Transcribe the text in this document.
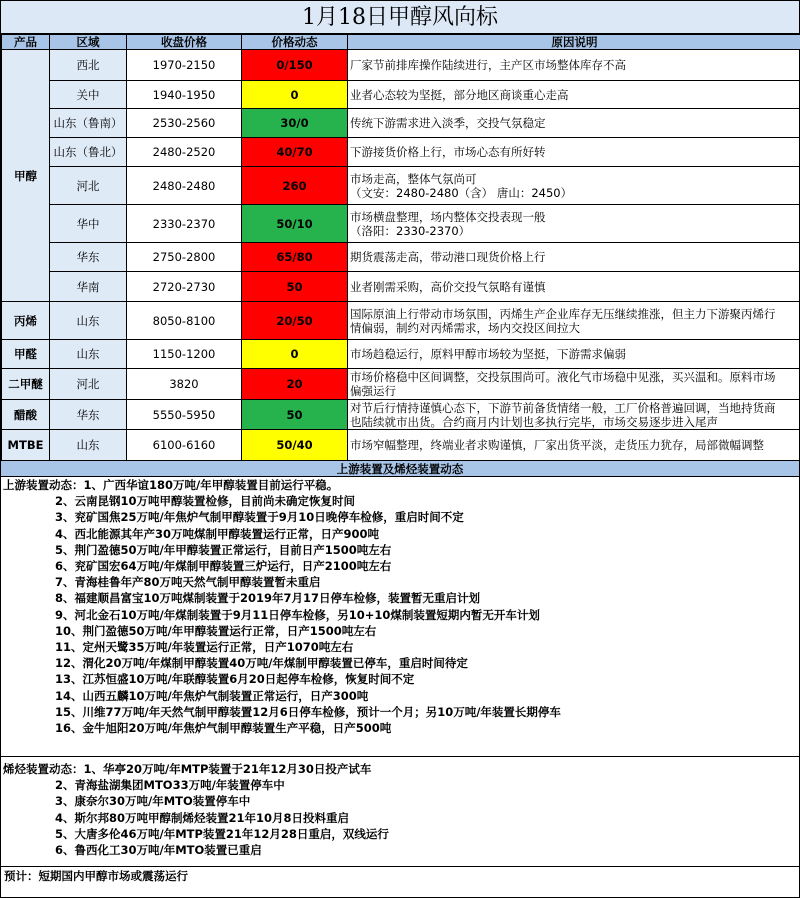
1月18日甲醇风向标
产品	区域	收盘价格	价格动态	原因说明
甲醇	西北	1970-2150	0/150	厂家节前排库操作陆续进行，主产区市场整体库存不高

	关中	1940-1950	0	业者心态较为坚挺，部分地区商谈重心走高

	山东（鲁南）	2530-2560	30/0	传统下游需求进入淡季，交投气氛稳定

	山东（鲁北）	2480-2520	40/70	下游接货价格上行，市场心态有所好转

	河北	2480-2480	260	市场走高，整体气氛尚可
（文安：2480-2480（含） 唐山：2450）

	华中	2330-2370	50/10	市场横盘整理，场内整体交投表现一般
（洛阳：2330-2370）

	华东	2750-2800	65/80	期货震荡走高，带动港口现货价格上行

	华南	2720-2730	50	业者刚需采购，高价交投气氛略有谨慎

丙烯	山东	8050-8100	20/50	国际原油上行带动市场氛围，丙烯生产企业库存无压继续推涨，但主力下游聚丙烯行
情偏弱，制约对丙烯需求，场内交投区间拉大

甲醛	山东	1150-1200	0	市场趋稳运行，原料甲醇市场较为坚挺，下游需求偏弱

二甲醚	河北	3820	20	市场价格稳中区间调整，交投氛围尚可。液化气市场稳中见涨，买兴温和。原料市场
偏强运行

醋酸	华东	5550-5950	50	对节后行情持谨慎心态下，下游节前备货情绪一般，工厂价格普遍回调，当地持货商
也陆续就市出货。合约商月内计划也多执行完毕，市场交易逐步进入尾声

MTBE	山东	6100-6160	50/40	市场窄幅整理，终端业者求购谨慎，厂家出货平淡，走货压力犹存，局部微幅调整
上游装置及烯烃装置动态
上游装置动态：1、广西华谊180万吨/年甲醇装置目前运行平稳。
2、云南昆钢10万吨甲醇装置检修，目前尚未确定恢复时间
3、兖矿国焦25万吨/年焦炉气制甲醇装置于9月10日晚停车检修，重启时间不定
4、西北能源其年产30万吨煤制甲醇装置运行正常，日产900吨
5、荆门盈德50万吨/年甲醇装置正常运行，目前日产1500吨左右
6、兖矿国宏64万吨/年煤制甲醇装置三炉运行，日产2100吨左右
7、青海桂鲁年产80万吨天然气制甲醇装置暂未重启
8、福建顺昌富宝10万吨煤制装置于2019年7月17日停车检修，装置暂无重启计划
9、河北金石10万吨/年煤制装置于9月11日停车检修，另10+10煤制装置短期内暂无开车计划
10、荆门盈德50万吨/年甲醇装置运行正常，日产1500吨左右
11、定州天鹭35万吨/年装置运行正常，日产1070吨左右
12、渭化20万吨/年煤制甲醇装置40万吨/年煤制甲醇装置已停车，重启时间待定
13、江苏恒盛10万吨/年联醇装置6月20日起停车检修，恢复时间不定
14、山西五麟10万吨/年焦炉气制装置正常运行，日产300吨
15、川维77万吨/年天然气制甲醇装置12月6日停车检修，预计一个月；另10万吨/年装置长期停车
16、金牛旭阳20万吨/年焦炉气制甲醇装置生产平稳，日产500吨
烯烃装置动态：1、华亭20万吨/年MTP装置于21年12月30日投产试车
2、青海盐湖集团MTO33万吨/年装置停车中
3、康奈尔30万吨/年MTO装置停车中
4、斯尔邦80万吨甲醇制烯烃装置21年10月8日投料重启
5、大唐多伦46万吨/年MTP装置21年12月28日重启，双线运行
6、鲁西化工30万吨/年MTO装置已重启
预计：短期国内甲醇市场或震荡运行
